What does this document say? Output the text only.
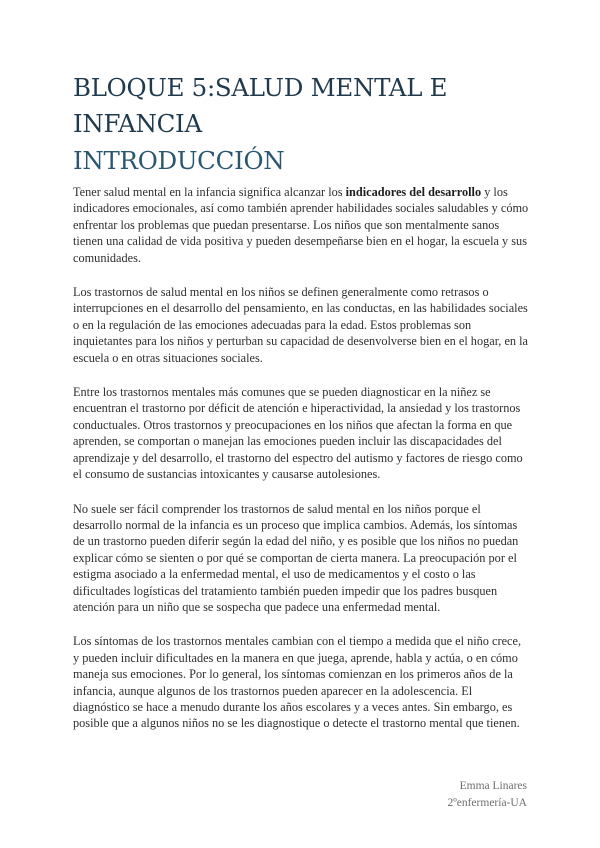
BLOQUE 5:SALUD MENTAL E INFANCIA
INTRODUCCIÓN

Tener salud mental en la infancia significa alcanzar los indicadores del desarrollo y los indicadores emocionales, así como también aprender habilidades sociales saludables y cómo enfrentar los problemas que puedan presentarse. Los niños que son mentalmente sanos tienen una calidad de vida positiva y pueden desempeñarse bien en el hogar, la escuela y sus comunidades.

Los trastornos de salud mental en los niños se definen generalmente como retrasos o interrupciones en el desarrollo del pensamiento, en las conductas, en las habilidades sociales o en la regulación de las emociones adecuadas para la edad. Estos problemas son inquietantes para los niños y perturban su capacidad de desenvolverse bien en el hogar, en la escuela o en otras situaciones sociales.

Entre los trastornos mentales más comunes que se pueden diagnosticar en la niñez se encuentran el trastorno por déficit de atención e hiperactividad, la ansiedad y los trastornos conductuales. Otros trastornos y preocupaciones en los niños que afectan la forma en que aprenden, se comportan o manejan las emociones pueden incluir las discapacidades del aprendizaje y del desarrollo, el trastorno del espectro del autismo y factores de riesgo como el consumo de sustancias intoxicantes y causarse autolesiones.

No suele ser fácil comprender los trastornos de salud mental en los niños porque el desarrollo normal de la infancia es un proceso que implica cambios. Además, los síntomas de un trastorno pueden diferir según la edad del niño, y es posible que los niños no puedan explicar cómo se sienten o por qué se comportan de cierta manera. La preocupación por el estigma asociado a la enfermedad mental, el uso de medicamentos y el costo o las dificultades logísticas del tratamiento también pueden impedir que los padres busquen atención para un niño que se sospecha que padece una enfermedad mental.

Los síntomas de los trastornos mentales cambian con el tiempo a medida que el niño crece, y pueden incluir dificultades en la manera en que juega, aprende, habla y actúa, o en cómo maneja sus emociones. Por lo general, los síntomas comienzan en los primeros años de la infancia, aunque algunos de los trastornos pueden aparecer en la adolescencia. El diagnóstico se hace a menudo durante los años escolares y a veces antes. Sin embargo, es posible que a algunos niños no se les diagnostique o detecte el trastorno mental que tienen.

Emma Linares
2ºenfermería-UA
